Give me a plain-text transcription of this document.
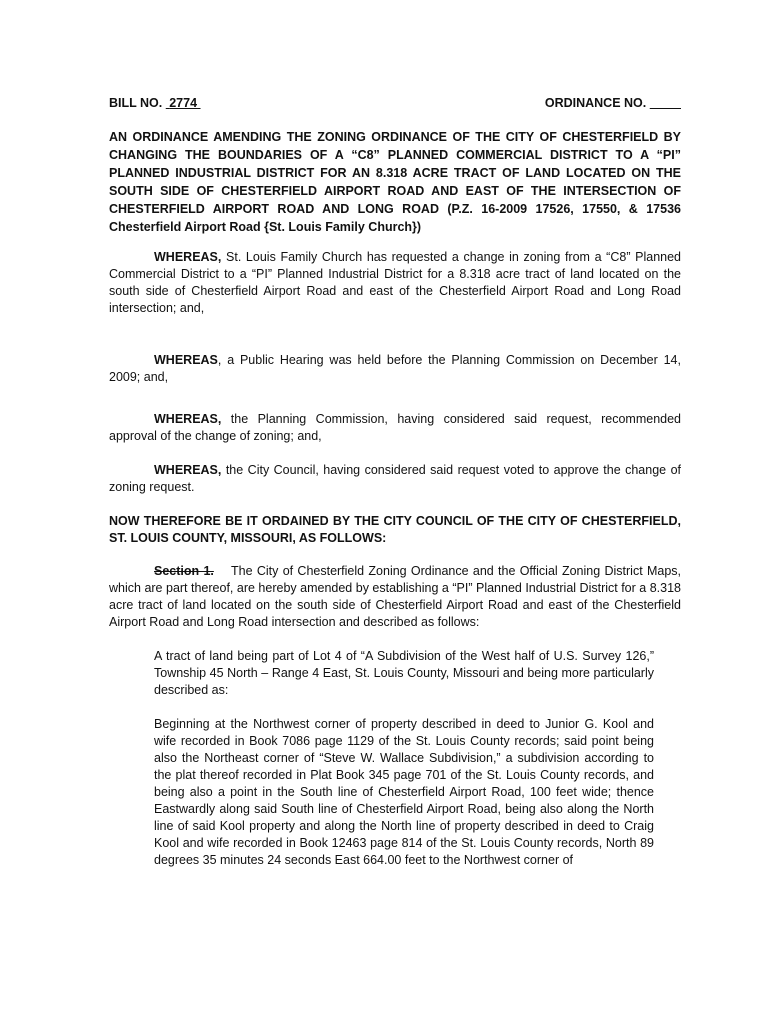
BILL NO. 2774	ORDINANCE NO.
AN ORDINANCE AMENDING THE ZONING ORDINANCE OF THE CITY OF CHESTERFIELD BY CHANGING THE BOUNDARIES OF A “C8” PLANNED COMMERCIAL DISTRICT TO A “PI” PLANNED INDUSTRIAL DISTRICT FOR AN 8.318 ACRE TRACT OF LAND LOCATED ON THE SOUTH SIDE OF CHESTERFIELD AIRPORT ROAD AND EAST OF THE INTERSECTION OF CHESTERFIELD AIRPORT ROAD AND LONG ROAD (P.Z. 16-2009 17526, 17550, & 17536 Chesterfield Airport Road {St. Louis Family Church})

WHEREAS, St. Louis Family Church has requested a change in zoning from a “C8” Planned Commercial District to a “PI” Planned Industrial District for a 8.318 acre tract of land located on the south side of Chesterfield Airport Road and east of the Chesterfield Airport Road and Long Road intersection; and,

WHEREAS, a Public Hearing was held before the Planning Commission on December 14, 2009; and,

WHEREAS, the Planning Commission, having considered said request, recommended approval of the change of zoning; and,

WHEREAS, the City Council, having considered said request voted to approve the change of zoning request.

NOW THEREFORE BE IT ORDAINED BY THE CITY COUNCIL OF THE CITY OF CHESTERFIELD, ST. LOUIS COUNTY, MISSOURI, AS FOLLOWS:

Section 1.    The City of Chesterfield Zoning Ordinance and the Official Zoning District Maps, which are part thereof, are hereby amended by establishing a “PI” Planned Industrial District for a 8.318 acre tract of land located on the south side of Chesterfield Airport Road and east of the Chesterfield Airport Road and Long Road intersection and described as follows:

A tract of land being part of Lot 4 of “A Subdivision of the West half of U.S. Survey 126,” Township 45 North – Range 4 East, St. Louis County, Missouri and being more particularly described as:

Beginning at the Northwest corner of property described in deed to Junior G. Kool and wife recorded in Book 7086 page 1129 of the St. Louis County records; said point being also the Northeast corner of “Steve W. Wallace Subdivision,” a subdivision according to the plat thereof recorded in Plat Book 345 page 701 of the St. Louis County records, and being also a point in the South line of Chesterfield Airport Road, 100 feet wide; thence Eastwardly along said South line of Chesterfield Airport Road, being also along the North line of said Kool property and along the North line of property described in deed to Craig Kool and wife recorded in Book 12463 page 814 of the St. Louis County records, North 89 degrees 35 minutes 24 seconds East 664.00 feet to the Northwest corner of
